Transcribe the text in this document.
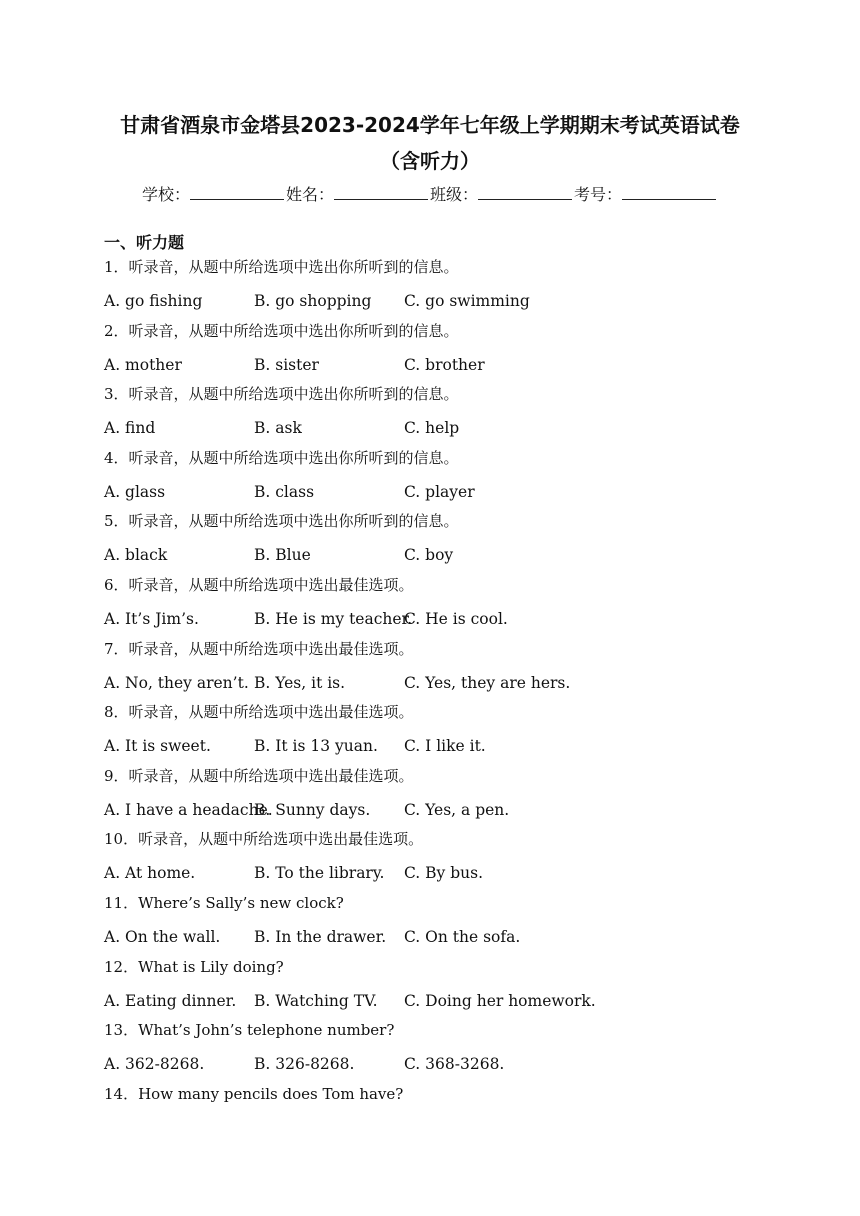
甘肃省酒泉市金塔县2023-2024学年七年级上学期期末考试英语试卷
（含听力）
学校：	姓名：	班级：	考号：
一、听力题
1．听录音，从题中所给选项中选出你所听到的信息。
A. go fishing	B. go shopping C. go swimming
2．听录音，从题中所给选项中选出你所听到的信息。
A. mother	B. sister	C. brother
3．听录音，从题中所给选项中选出你所听到的信息。
A. find	B. ask	C. help
4．听录音，从题中所给选项中选出你所听到的信息。
A. glass	B. class	C. player
5．听录音，从题中所给选项中选出你所听到的信息。
A. black	B. Blue	C. boy
6．听录音，从题中所给选项中选出最佳选项。
A. It’s Jim’s.	B. He is my teacher.
C. He is cool.
7．听录音，从题中所给选项中选出最佳选项。
A. No, they aren’t. B. Yes, it is.	C. Yes, they are hers.
8．听录音，从题中所给选项中选出最佳选项。
A. It is sweet.	B. It is 13 yuan. C. I like it.
9．听录音，从题中所给选项中选出最佳选项。
A. I have a headache.
B. Sunny days. C. Yes, a pen.
10．听录音，从题中所给选项中选出最佳选项。
A. At home.	B. To the library. C. By bus.
11．Where’s Sally’s new clock?
A. On the wall. B. In the drawer. C. On the sofa.
12．What is Lily doing?
A. Eating dinner. B. Watching TV. C. Doing her homework.
13．What’s John’s telephone number?
A. 362-8268.	B. 326-8268.	C. 368-3268.
14．How many pencils does Tom have?
